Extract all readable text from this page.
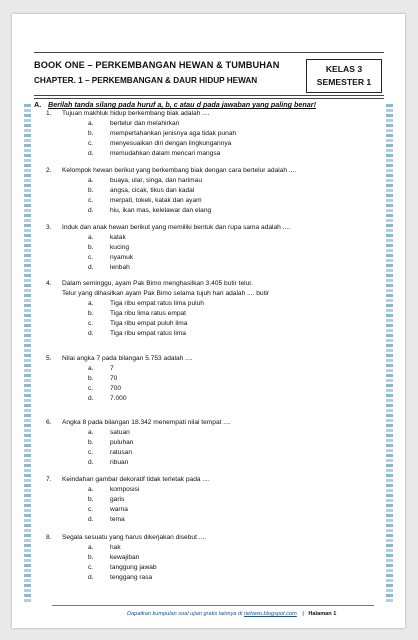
BOOK ONE – PERKEMBANGAN HEWAN & TUMBUHAN
CHAPTER. 1 – PERKEMBANGAN & DAUR HIDUP HEWAN
KELAS 3
SEMESTER 1
A. Berilah tanda silang pada huruf a, b, c atau d pada jawaban yang paling benar!
1.	Tujuan makhluk hidup berkembang biak adalah ....
a.	bertelur dan melahirkan
b.	mempertahankan jenisnya aga tidak punah
c.	menyesuaikan diri dengan lingkungannya
d.	memudahkan dalam mencari mangsa
2.	Kelompok hewan berikut yang berkembang biak dengan cara bertelur adalah ....
a.	buaya, ular, singa, dan harimau
b.	angsa, cicak, tikus dan kadal
c.	merpati, tokek, katak dan ayam
d.	hiu, ikan mas, kelelawar dan elang
3.	Induk dan anak hewan berikut yang memiliki bentuk dan rupa sama adalah ....
a.	katak
b.	kucing
c.	nyamuk
d.	lenbah
4.	Dalam seminggu, ayam Pak Bimo menghasilkan 3.405 butir telur.
Telur yang dihasilkan ayam Pak Bimo selama tujuh hari adalah .... butir
a.	Tiga ribu empat ratus lima puluh
b.	Tiga ribu lima ratus empat
c.	Tiga ribu empat puluh lima
d.	Tiga ribu empat ratus lima
5.	Nilai angka 7 pada bilangan 5.753 adalah ....
a.	7
b.	70
c.	700
d.	7.000
6.	Angka 8 pada bilangan 18.342 menempati nilai tempat ....
a.	satuan
b.	puluhan
c.	ratusan
d.	ribuan
7.	Keindahan gambar dekoratif tidak terletak pada ....
a.	komposisi
b.	garis
c.	warna
d.	tema
8.	Segala sesuatu yang harus dikerjakan disebut ....
a.	hak
b.	kewajiban
c.	tanggung jawab
d.	tenggang rasa
Dapatkan kumpulan soal ujian gratis lainnya di riefawo.blogspot.com | Halaman 1
